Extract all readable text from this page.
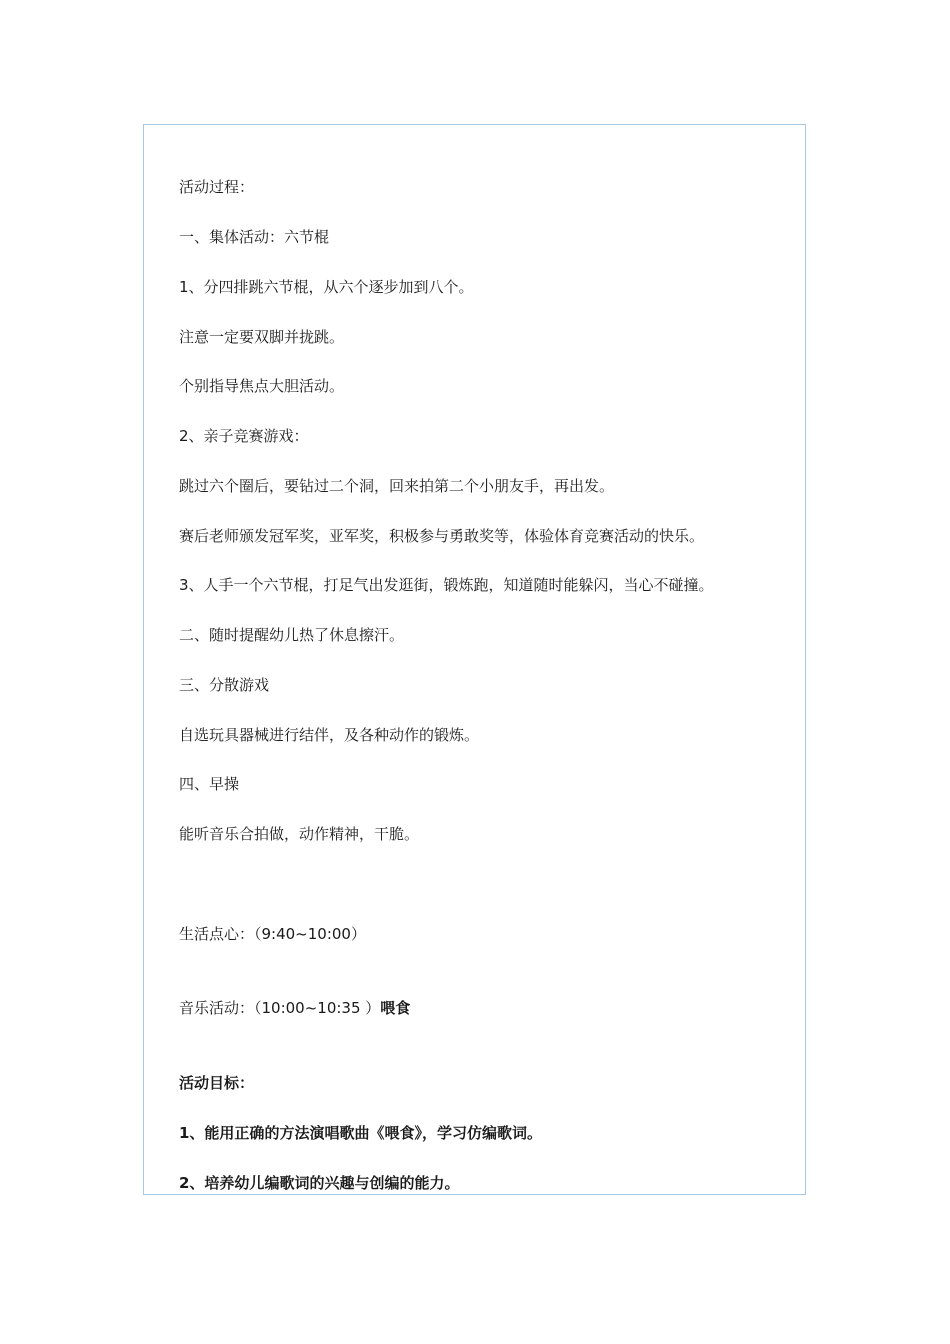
活动过程：
一、集体活动：六节棍
1、分四排跳六节棍，从六个逐步加到八个。
注意一定要双脚并拢跳。
个别指导焦点大胆活动。
2、亲子竞赛游戏：
跳过六个圈后，要钻过二个洞，回来拍第二个小朋友手，再出发。
赛后老师颁发冠军奖，亚军奖，积极参与勇敢奖等，体验体育竞赛活动的快乐。
3、人手一个六节棍，打足气出发逛街，锻炼跑，知道随时能躲闪，当心不碰撞。
二、随时提醒幼儿热了休息擦汗。
三、分散游戏
自选玩具器械进行结伴，及各种动作的锻炼。
四、早操
能听音乐合拍做，动作精神，干脆。
生活点心：（9:40~10:00）
音乐活动：（10:00~10:35 ）喂食
活动目标：
1、能用正确的方法演唱歌曲《喂食》，学习仿编歌词。
2、培养幼儿编歌词的兴趣与创编的能力。
